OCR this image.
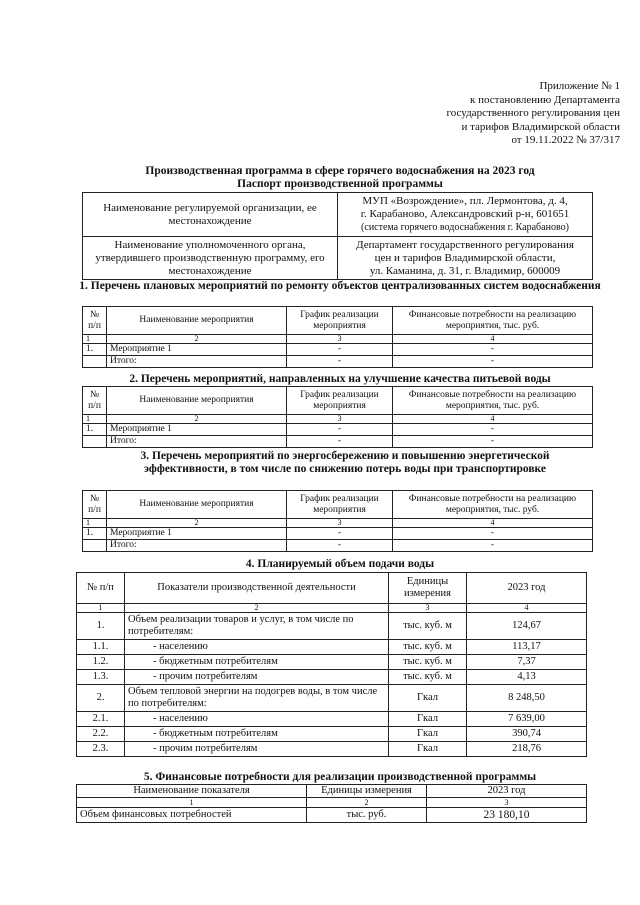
Приложение № 1
к постановлению Департамента
государственного регулирования цен
и тарифов Владимирской области
от 19.11.2022 № 37/317
Производственная программа в сфере горячего водоснабжения на 2023 год
Паспорт производственной программы
Наименование регулируемой организации, ее местонахождение	МУП «Возрождение», пл. Лермонтова, д. 4,
г. Карабаново, Александровский р-н, 601651
(система горячего водоснабжения г. Карабаново)

Наименование уполномоченного органа, утвердившего производственную программу, его местонахождение	Департамент государственного регулирования
цен и тарифов Владимирской области,
ул. Каманина, д. 31, г. Владимир, 600009
1. Перечень плановых мероприятий по ремонту объектов централизованных систем водоснабжения
№ п/п	Наименование мероприятия	График реализации мероприятия	Финансовые потребности на реализацию мероприятия, тыс. руб.
1	2	3	4
1.	Мероприятие 1	-	-
	Итого:	-	-
2. Перечень мероприятий, направленных на улучшение качества питьевой воды
№ п/п	Наименование мероприятия	График реализации мероприятия	Финансовые потребности на реализацию мероприятия, тыс. руб.
1	2	3	4
1.	Мероприятие 1	-	-
	Итого:	-	-
3. Перечень мероприятий по энергосбережению и повышению энергетической эффективности, в том числе по снижению потерь воды при транспортировке
№ п/п	Наименование мероприятия	График реализации мероприятия	Финансовые потребности на реализацию мероприятия, тыс. руб.
1	2	3	4
1.	Мероприятие 1	-	-
	Итого:	-	-
4. Планируемый объем подачи воды
№ п/п	Показатели производственной деятельности	Единицы измерения	2023 год
1	2	3	4
1.	Объем реализации товаров и услуг, в том числе по потребителям:	тыс. куб. м	124,67
1.1.	- населению	тыс. куб. м	113,17
1.2.	- бюджетным потребителям	тыс. куб. м	7,37
1.3.	- прочим потребителям	тыс. куб. м	4,13
2.	Объем тепловой энергии на подогрев воды, в том числе по потребителям:	Гкал	8 248,50
2.1.	- населению	Гкал	7 639,00
2.2.	- бюджетным потребителям	Гкал	390,74
2.3.	- прочим потребителям	Гкал	218,76
5. Финансовые потребности для реализации производственной программы
Наименование показателя	Единицы измерения	2023 год
1	2	3
Объем финансовых потребностей	тыс. руб.	23 180,10
